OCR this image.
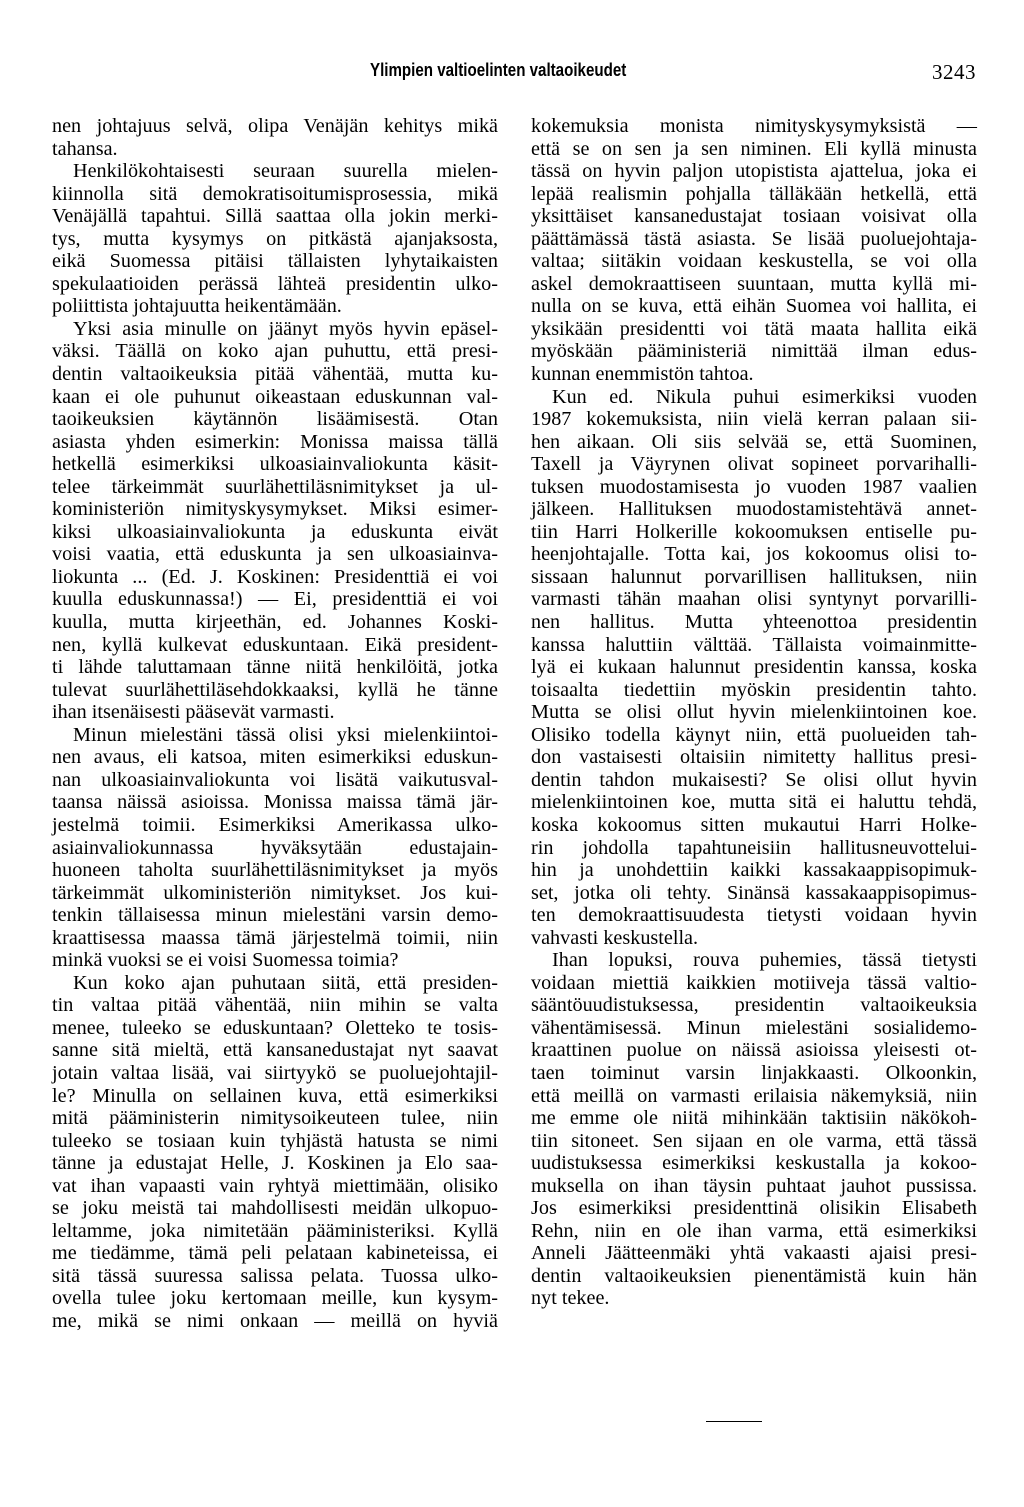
Ylimpien valtioelinten valtaoikeudet	3243
nen johtajuus selvä, olipa Venäjän kehitys mikä
tahansa.
Henkilökohtaisesti seuraan suurella mielen-
kiinnolla sitä demokratisoitumisprosessia, mikä
Venäjällä tapahtui. Sillä saattaa olla jokin merki-
tys, mutta kysymys on pitkästä ajanjaksosta,
eikä Suomessa pitäisi tällaisten lyhytaikaisten
spekulaatioiden perässä lähteä presidentin ulko-
poliittista johtajuutta heikentämään.
Yksi asia minulle on jäänyt myös hyvin epäsel-
väksi. Täällä on koko ajan puhuttu, että presi-
dentin valtaoikeuksia pitää vähentää, mutta ku-
kaan ei ole puhunut oikeastaan eduskunnan val-
taoikeuksien käytännön lisäämisestä. Otan
asiasta yhden esimerkin: Monissa maissa tällä
hetkellä esimerkiksi ulkoasiainvaliokunta käsit-
telee tärkeimmät suurlähettiläsnimitykset ja ul-
koministeriön nimityskysymykset. Miksi esimer-
kiksi ulkoasiainvaliokunta ja eduskunta eivät
voisi vaatia, että eduskunta ja sen ulkoasiainva-
liokunta ... (Ed. J. Koskinen: Presidenttiä ei voi
kuulla eduskunnassa!) — Ei, presidenttiä ei voi
kuulla, mutta kirjeethän, ed. Johannes Koski-
nen, kyllä kulkevat eduskuntaan. Eikä president-
ti lähde taluttamaan tänne niitä henkilöitä, jotka
tulevat suurlähettiläsehdokkaaksi, kyllä he tänne
ihan itsenäisesti pääsevät varmasti.
Minun mielestäni tässä olisi yksi mielenkiintoi-
nen avaus, eli katsoa, miten esimerkiksi eduskun-
nan ulkoasiainvaliokunta voi lisätä vaikutusval-
taansa näissä asioissa. Monissa maissa tämä jär-
jestelmä toimii. Esimerkiksi Amerikassa ulko-
asiainvaliokunnassa hyväksytään edustajain-
huoneen taholta suurlähettiläsnimitykset ja myös
tärkeimmät ulkoministeriön nimitykset. Jos kui-
tenkin tällaisessa minun mielestäni varsin demo-
kraattisessa maassa tämä järjestelmä toimii, niin
minkä vuoksi se ei voisi Suomessa toimia?
Kun koko ajan puhutaan siitä, että presiden-
tin valtaa pitää vähentää, niin mihin se valta
menee, tuleeko se eduskuntaan? Oletteko te tosis-
sanne sitä mieltä, että kansanedustajat nyt saavat
jotain valtaa lisää, vai siirtyykö se puoluejohtajil-
le? Minulla on sellainen kuva, että esimerkiksi
mitä pääministerin nimitysoikeuteen tulee, niin
tuleeko se tosiaan kuin tyhjästä hatusta se nimi
tänne ja edustajat Helle, J. Koskinen ja Elo saa-
vat ihan vapaasti vain ryhtyä miettimään, olisiko
se joku meistä tai mahdollisesti meidän ulkopuo-
leltamme, joka nimitetään pääministeriksi. Kyllä
me tiedämme, tämä peli pelataan kabineteissa, ei
sitä tässä suuressa salissa pelata. Tuossa ulko-
ovella tulee joku kertomaan meille, kun kysym-
me, mikä se nimi onkaan — meillä on hyviä
kokemuksia monista nimityskysymyksistä —
että se on sen ja sen niminen. Eli kyllä minusta
tässä on hyvin paljon utopistista ajattelua, joka ei
lepää realismin pohjalla tälläkään hetkellä, että
yksittäiset kansanedustajat tosiaan voisivat olla
päättämässä tästä asiasta. Se lisää puoluejohtaja-
valtaa; siitäkin voidaan keskustella, se voi olla
askel demokraattiseen suuntaan, mutta kyllä mi-
nulla on se kuva, että eihän Suomea voi hallita, ei
yksikään presidentti voi tätä maata hallita eikä
myöskään pääministeriä nimittää ilman edus-
kunnan enemmistön tahtoa.
Kun ed. Nikula puhui esimerkiksi vuoden
1987 kokemuksista, niin vielä kerran palaan sii-
hen aikaan. Oli siis selvää se, että Suominen,
Taxell ja Väyrynen olivat sopineet porvarihalli-
tuksen muodostamisesta jo vuoden 1987 vaalien
jälkeen. Hallituksen muodostamistehtävä annet-
tiin Harri Holkerille kokoomuksen entiselle pu-
heenjohtajalle. Totta kai, jos kokoomus olisi to-
sissaan halunnut porvarillisen hallituksen, niin
varmasti tähän maahan olisi syntynyt porvarilli-
nen hallitus. Mutta yhteenottoa presidentin
kanssa haluttiin välttää. Tällaista voimainmitte-
lyä ei kukaan halunnut presidentin kanssa, koska
toisaalta tiedettiin myöskin presidentin tahto.
Mutta se olisi ollut hyvin mielenkiintoinen koe.
Olisiko todella käynyt niin, että puolueiden tah-
don vastaisesti oltaisiin nimitetty hallitus presi-
dentin tahdon mukaisesti? Se olisi ollut hyvin
mielenkiintoinen koe, mutta sitä ei haluttu tehdä,
koska kokoomus sitten mukautui Harri Holke-
rin johdolla tapahtuneisiin hallitusneuvottelui-
hin ja unohdettiin kaikki kassakaappisopimuk-
set, jotka oli tehty. Sinänsä kassakaappisopimus-
ten demokraattisuudesta tietysti voidaan hyvin
vahvasti keskustella.
Ihan lopuksi, rouva puhemies, tässä tietysti
voidaan miettiä kaikkien motiiveja tässä valtio-
sääntöuudistuksessa, presidentin valtaoikeuksia
vähentämisessä. Minun mielestäni sosialidemo-
kraattinen puolue on näissä asioissa yleisesti ot-
taen toiminut varsin linjakkaasti. Olkoonkin,
että meillä on varmasti erilaisia näkemyksiä, niin
me emme ole niitä mihinkään taktisiin näkökoh-
tiin sitoneet. Sen sijaan en ole varma, että tässä
uudistuksessa esimerkiksi keskustalla ja kokoo-
muksella on ihan täysin puhtaat jauhot pussissa.
Jos esimerkiksi presidenttinä olisikin Elisabeth
Rehn, niin en ole ihan varma, että esimerkiksi
Anneli Jäätteenmäki yhtä vakaasti ajaisi presi-
dentin valtaoikeuksien pienentämistä kuin hän
nyt tekee.
